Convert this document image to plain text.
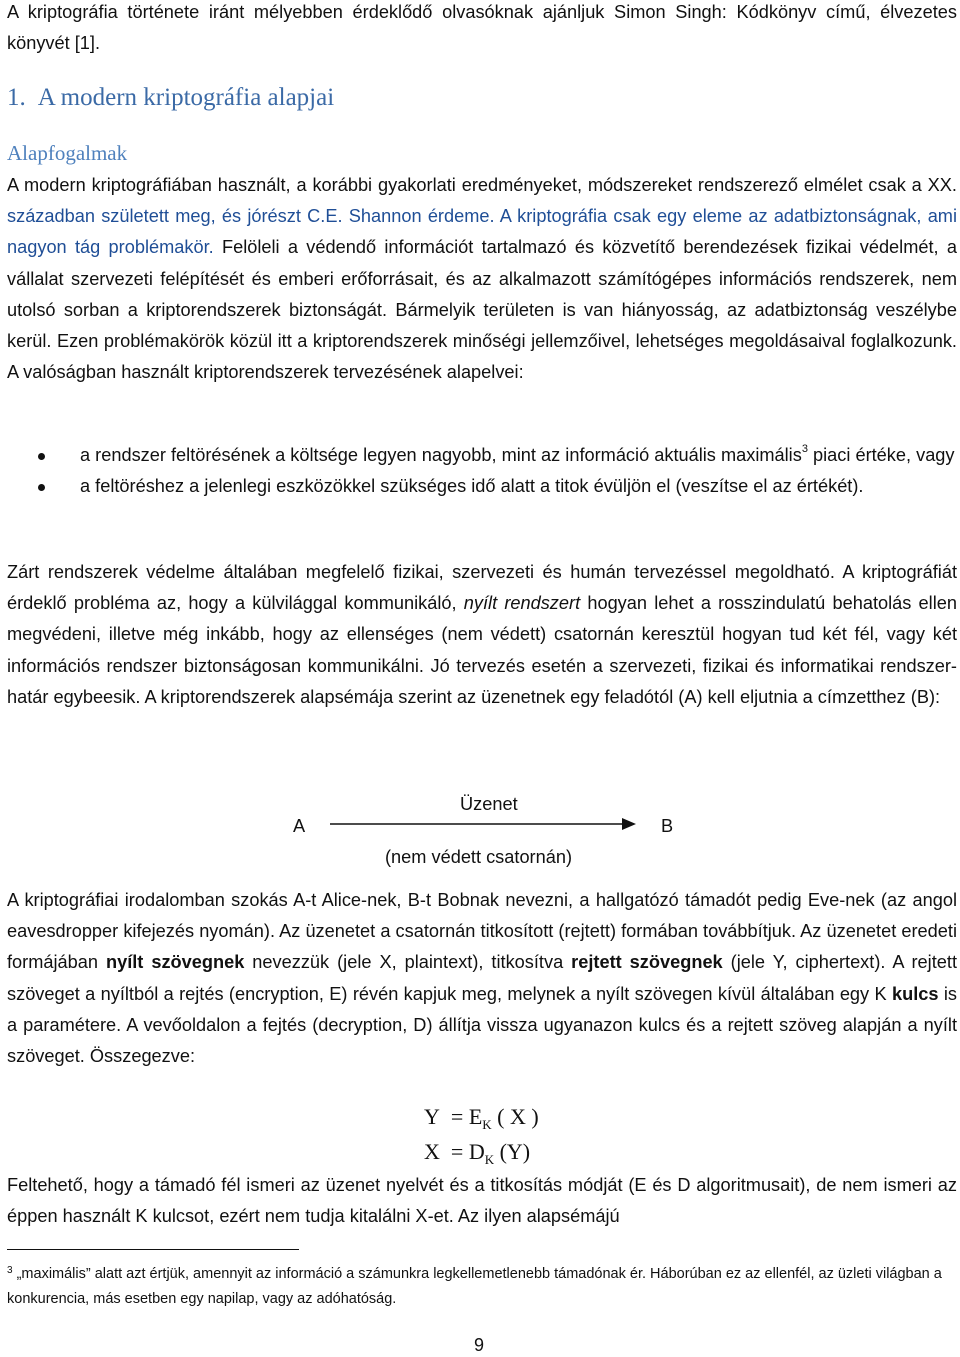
A kriptográfia története iránt mélyebben érdeklődő olvasóknak ajánljuk Simon Singh: Kódkönyv című, élvezetes könyvét [1].

1. A modern kriptográfia alapjai
Alapfogalmak

A modern kriptográfiában használt, a korábbi gyakorlati eredményeket, módszereket rendszerező elmélet csak a XX. században született meg, és jórészt C.E. Shannon érdeme. A kriptográfia csak egy eleme az adatbiztonságnak, ami nagyon tág problémakör. Felöleli a védendő információt tartalmazó és közvetítő berendezések fizikai védelmét, a vállalat szervezeti felépítését és emberi erőforrásait, és az alkalmazott számítógépes információs rendszerek, nem utolsó sorban a kriptorendszerek biztonságát. Bármelyik területen is van hiányosság, az adatbiztonság veszélybe kerül. Ezen problémakörök közül itt a kriptorendszerek minőségi jellemzőivel, lehetséges megoldásaival foglalkozunk. A valóságban használt kriptorendszerek tervezésének alapelvei:

a rendszer feltörésének a költsége legyen nagyobb, mint az információ aktuális maximális$^3$ piaci értéke, vagy
a feltöréshez a jelenlegi eszközökkel szükséges idő alatt a titok évüljön el (veszítse el az értékét).

Zárt rendszerek védelme általában megfelelő fizikai, szervezeti és humán tervezéssel megoldható. A kriptográfiát érdeklő probléma az, hogy a külvilággal kommunikáló, nyílt rendszert hogyan lehet a rosszindulatú behatolás ellen megvédeni, illetve még inkább, hogy az ellenséges (nem védett) csatornán keresztül hogyan tud két fél, vagy két információs rendszer biztonságosan kommunikálni. Jó tervezés esetén a szervezeti, fizikai és informatikai rendszer-határ egybeesik. A kriptorendszerek alapsémája szerint az üzenetnek egy feladótól (A) kell eljutnia a címzetthez (B):

A
Üzenet
B
(nem védett csatornán)

A kriptográfiai irodalomban szokás A-t Alice-nek, B-t Bobnak nevezni, a hallgatózó támadót pedig Eve-nek (az angol eavesdropper kifejezés nyomán). Az üzenetet a csatornán titkosított (rejtett) formában továbbítjuk. Az üzenetet eredeti formájában nyílt szövegnek nevezzük (jele X, plaintext), titkosítva rejtett szövegnek (jele Y, ciphertext). A rejtett szöveget a nyíltból a rejtés (encryption, E) révén kapjuk meg, melynek a nyílt szövegen kívül általában egy K kulcs is a paramétere. A vevőoldalon a fejtés (decryption, D) állítja vissza ugyanazon kulcs és a rejtett szöveg alapján a nyílt szöveget. Összegezve:

$Y = E_K$ ( X )
$X = D_K$ (Y)

Feltehető, hogy a támadó fél ismeri az üzenet nyelvét és a titkosítás módját (E és D algoritmusait), de nem ismeri az éppen használt K kulcsot, ezért nem tudja kitalálni X-et. Az ilyen alapsémájú

$^3$ „maximális” alatt azt értjük, amennyit az információ a számunkra legkellemetlenebb támadónak ér. Háborúban ez az ellenfél, az üzleti világban a konkurencia, más esetben egy napilap, vagy az adóhatóság.

9
